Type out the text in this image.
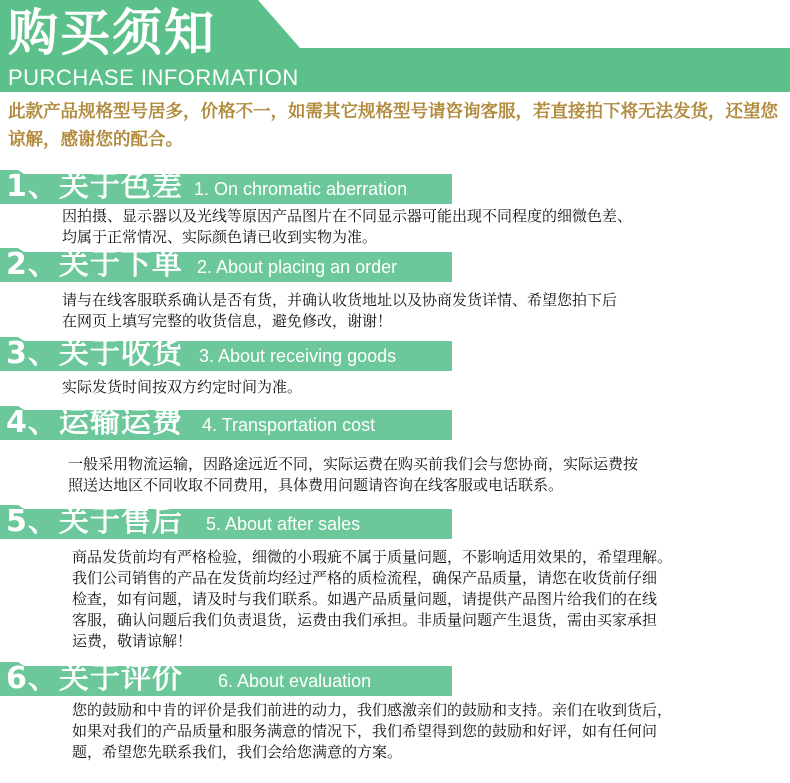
购买须知
PURCHASE INFORMATION
此款产品规格型号居多，价格不一，如需其它规格型号请咨询客服，若直接拍下将无法发货，还望您谅解，感谢您的配合。
1、关于色差 1. On chromatic aberration
因拍摄、显示器以及光线等原因产品图片在不同显示器可能出现不同程度的细微色差、
均属于正常情况、实际颜色请已收到实物为准。
2、关于下单 2. About placing an order
请与在线客服联系确认是否有货，并确认收货地址以及协商发货详情、希望您拍下后
在网页上填写完整的收货信息，避免修改，谢谢！
3、关于收货 3. About receiving goods
实际发货时间按双方约定时间为准。
4、运输运费 4. Transportation cost
一般采用物流运输，因路途远近不同，实际运费在购买前我们会与您协商，实际运费按
照送达地区不同收取不同费用，具体费用问题请咨询在线客服或电话联系。
5、关于售后 5. About after sales
商品发货前均有严格检验，细微的小瑕疵不属于质量问题，不影响适用效果的，希望理解。
我们公司销售的产品在发货前均经过严格的质检流程，确保产品质量，请您在收货前仔细
检查，如有问题，请及时与我们联系。如遇产品质量问题，请提供产品图片给我们的在线
客服，确认问题后我们负责退货，运费由我们承担。非质量问题产生退货，需由买家承担
运费，敬请谅解！
6、关于评价 6. About evaluation
您的鼓励和中肯的评价是我们前进的动力，我们感激亲们的鼓励和支持。亲们在收到货后，
如果对我们的产品质量和服务满意的情况下，我们希望得到您的鼓励和好评，如有任何问
题，希望您先联系我们，我们会给您满意的方案。
